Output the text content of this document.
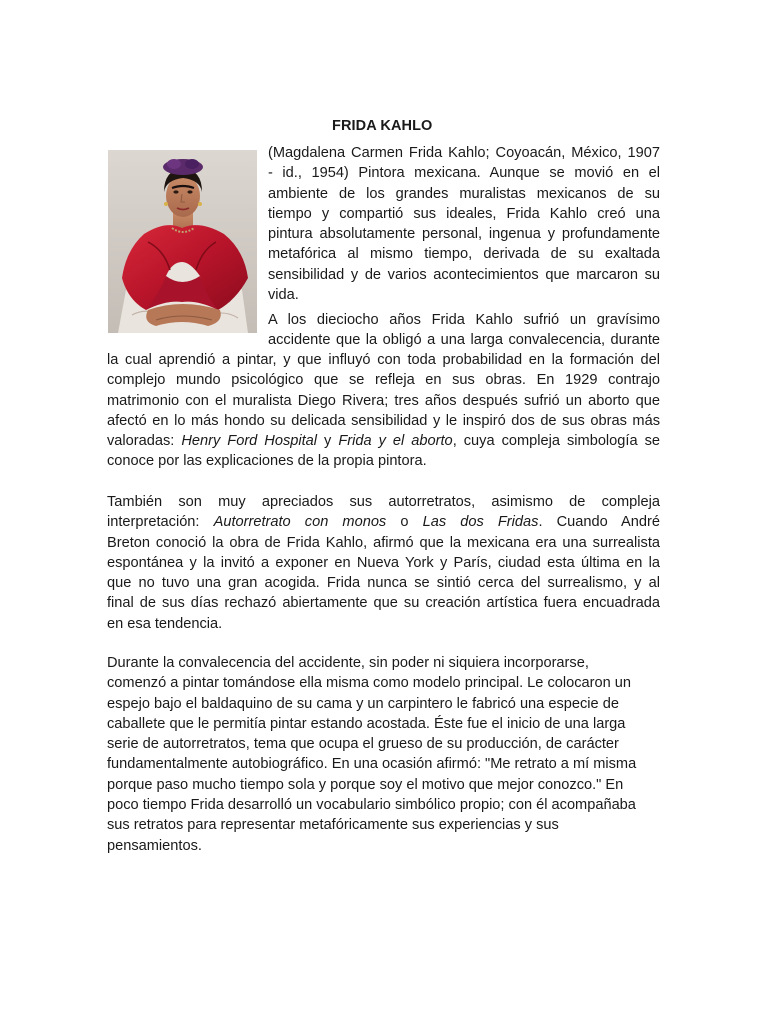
FRIDA KAHLO
(Magdalena Carmen Frida Kahlo; Coyoacán, México, 1907
- id., 1954) Pintora mexicana. Aunque se movió en el
ambiente de los grandes muralistas mexicanos de su
tiempo y compartió sus ideales, Frida Kahlo creó una
pintura absolutamente personal, ingenua y profundamente
metafórica al mismo tiempo, derivada de su exaltada
sensibilidad y de varios acontecimientos que marcaron su
vida.
A los dieciocho años Frida Kahlo sufrió un gravísimo
accidente que la obligó a una larga convalecencia, durante
la cual aprendió a pintar, y que influyó con toda probabilidad en la formación del
complejo mundo psicológico que se refleja en sus obras. En 1929 contrajo
matrimonio con el muralista Diego Rivera; tres años después sufrió un aborto que
afectó en lo más hondo su delicada sensibilidad y le inspiró dos de sus obras más
valoradas: Henry Ford Hospital y Frida y el aborto, cuya compleja simbología se
conoce por las explicaciones de la propia pintora.
También son muy apreciados sus autorretratos, asimismo de compleja
interpretación: Autorretrato con monos o Las dos Fridas. Cuando André
Breton conoció la obra de Frida Kahlo, afirmó que la mexicana era una surrealista
espontánea y la invitó a exponer en Nueva York y París, ciudad esta última en la
que no tuvo una gran acogida. Frida nunca se sintió cerca del surrealismo, y al
final de sus días rechazó abiertamente que su creación artística fuera encuadrada
en esa tendencia.
Durante la convalecencia del accidente, sin poder ni siquiera incorporarse,
comenzó a pintar tomándose ella misma como modelo principal. Le colocaron un
espejo bajo el baldaquino de su cama y un carpintero le fabricó una especie de
caballete que le permitía pintar estando acostada. Éste fue el inicio de una larga
serie de autorretratos, tema que ocupa el grueso de su producción, de carácter
fundamentalmente autobiográfico. En una ocasión afirmó: "Me retrato a mí misma
porque paso mucho tiempo sola y porque soy el motivo que mejor conozco." En
poco tiempo Frida desarrolló un vocabulario simbólico propio; con él acompañaba
sus retratos para representar metafóricamente sus experiencias y sus
pensamientos.
